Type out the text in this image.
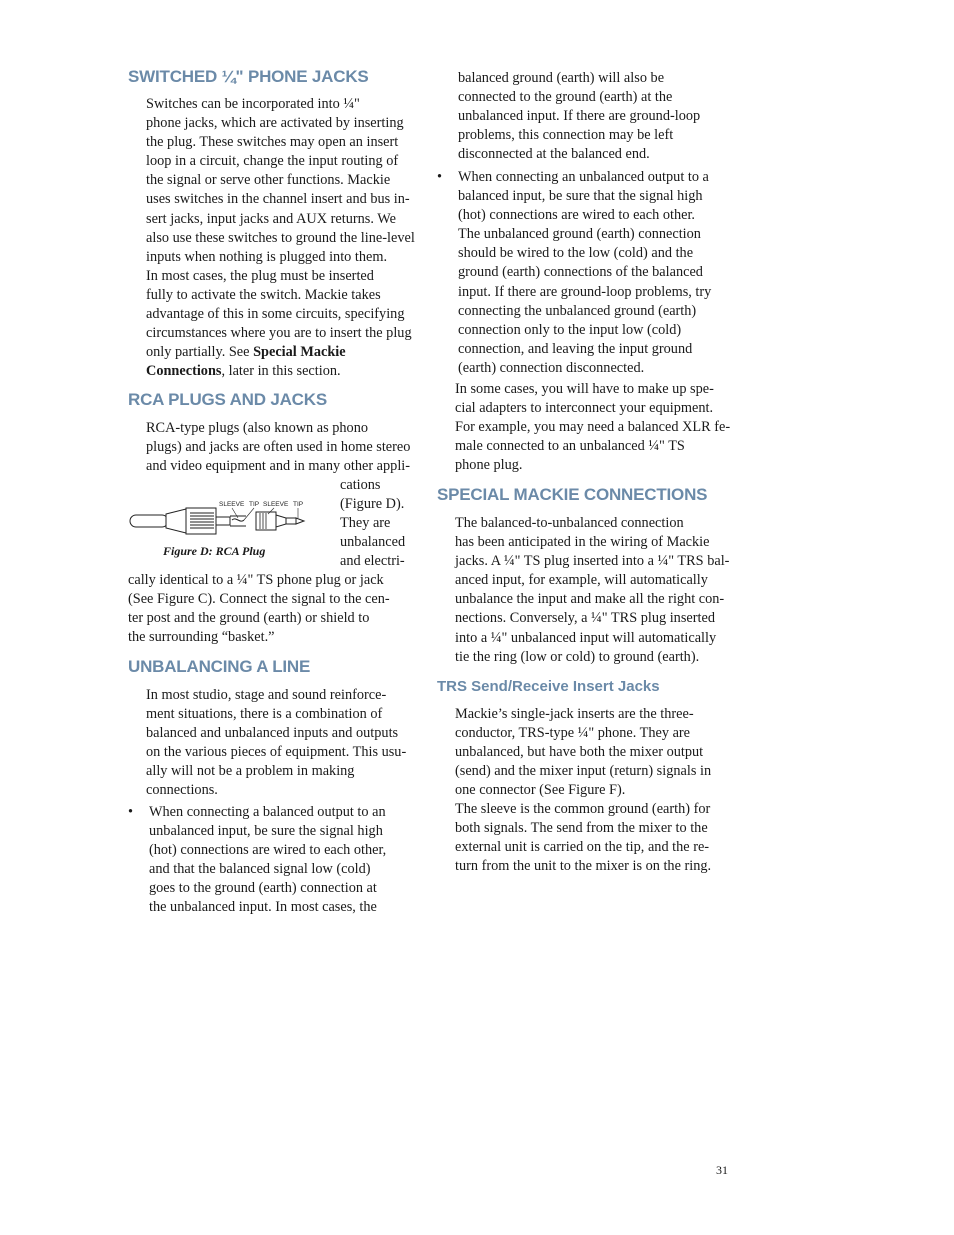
SWITCHED ¼" PHONE JACKS

Switches can be incorporated into ¼"
phone jacks, which are activated by inserting
the plug. These switches may open an insert
loop in a circuit, change the input routing of
the signal or serve other functions. Mackie
uses switches in the channel insert and bus in-
sert jacks, input jacks and AUX returns. We
also use these switches to ground the line-level
inputs when nothing is plugged into them.

In most cases, the plug must be inserted
fully to activate the switch. Mackie takes
advantage of this in some circuits, specifying
circumstances where you are to insert the plug
only partially. See Special Mackie
Connections, later in this section.

RCA PLUGS AND JACKS

RCA-type plugs (also known as phono
plugs) and jacks are often used in home stereo
and video equipment and in many other appli-

cations
(Figure D).
They are
unbalanced
and electri-

SLEEVE TIP SLEEVE TIP
Figure D: RCA Plug

cally identical to a ¼" TS phone plug or jack
(See Figure C). Connect the signal to the cen-
ter post and the ground (earth) or shield to
the surrounding “basket.”

UNBALANCING A LINE

In most studio, stage and sound reinforce-
ment situations, there is a combination of
balanced and unbalanced inputs and outputs
on the various pieces of equipment. This usu-
ally will not be a problem in making
connections.

• When connecting a balanced output to an
unbalanced input, be sure the signal high
(hot) connections are wired to each other,
and that the balanced signal low (cold)
goes to the ground (earth) connection at
the unbalanced input. In most cases, the
balanced ground (earth) will also be
connected to the ground (earth) at the
unbalanced input. If there are ground-loop
problems, this connection may be left
disconnected at the balanced end.
• When connecting an unbalanced output to a
balanced input, be sure that the signal high
(hot) connections are wired to each other.
The unbalanced ground (earth) connection
should be wired to the low (cold) and the
ground (earth) connections of the balanced
input. If there are ground-loop problems, try
connecting the unbalanced ground (earth)
connection only to the input low (cold)
connection, and leaving the input ground
(earth) connection disconnected.

In some cases, you will have to make up spe-
cial adapters to interconnect your equipment.
For example, you may need a balanced XLR fe-
male connected to an unbalanced ¼" TS
phone plug.

SPECIAL MACKIE CONNECTIONS

The balanced-to-unbalanced connection
has been anticipated in the wiring of Mackie
jacks. A ¼" TS plug inserted into a ¼" TRS bal-
anced input, for example, will automatically
unbalance the input and make all the right con-
nections. Conversely, a ¼" TRS plug inserted
into a ¼" unbalanced input will automatically
tie the ring (low or cold) to ground (earth).

TRS Send/Receive Insert Jacks

Mackie’s single-jack inserts are the three-
conductor, TRS-type ¼" phone. They are
unbalanced, but have both the mixer output
(send) and the mixer input (return) signals in
one connector (See Figure F).

The sleeve is the common ground (earth) for
both signals. The send from the mixer to the
external unit is carried on the tip, and the re-
turn from the unit to the mixer is on the ring.

31
